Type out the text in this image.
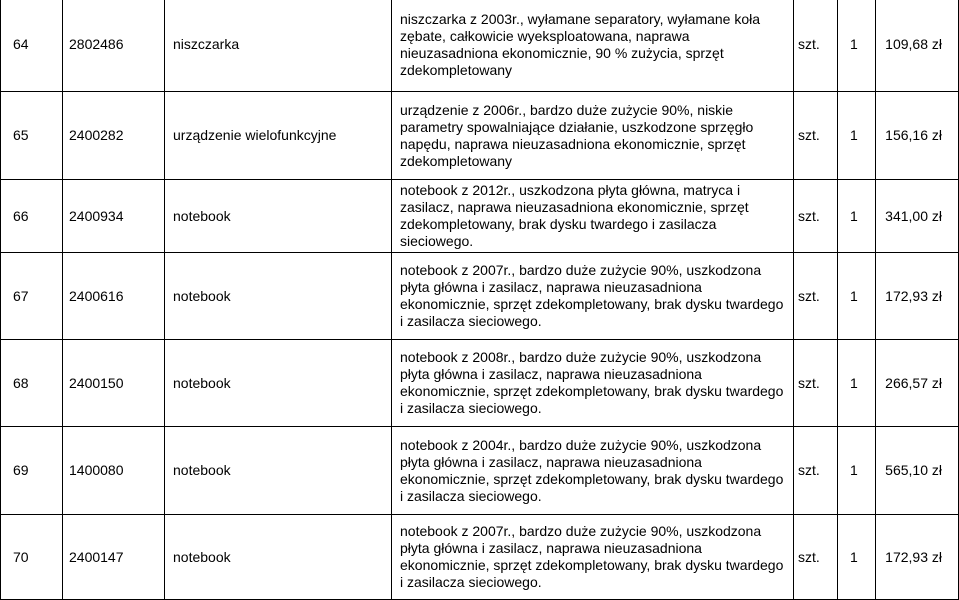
64	2802486	niszczarka	niszczarka z 2003r., wyłamane separatory, wyłamane koła zębate, całkowicie wyeksploatowana, naprawa nieuzasadniona ekonomicznie, 90 % zużycia, sprzęt zdekompletowany	szt.	1	109,68 zł
65	2400282	urządzenie wielofunkcyjne	urządzenie z 2006r., bardzo duże zużycie 90%, niskie parametry spowalniające działanie, uszkodzone sprzęgło napędu, naprawa nieuzasadniona ekonomicznie, sprzęt zdekompletowany	szt.	1	156,16 zł
66	2400934	notebook	notebook z 2012r., uszkodzona płyta główna, matryca i zasilacz, naprawa nieuzasadniona ekonomicznie, sprzęt zdekompletowany, brak dysku twardego i zasilacza sieciowego.	szt.	1	341,00 zł
67	2400616	notebook	notebook z 2007r., bardzo duże zużycie 90%, uszkodzona płyta główna i zasilacz, naprawa nieuzasadniona ekonomicznie, sprzęt zdekompletowany, brak dysku twardego i zasilacza sieciowego.	szt.	1	172,93 zł
68	2400150	notebook	notebook z 2008r., bardzo duże zużycie 90%, uszkodzona płyta główna i zasilacz, naprawa nieuzasadniona ekonomicznie, sprzęt zdekompletowany, brak dysku twardego i zasilacza sieciowego.	szt.	1	266,57 zł
69	1400080	notebook	notebook z 2004r., bardzo duże zużycie 90%, uszkodzona płyta główna i zasilacz, naprawa nieuzasadniona ekonomicznie, sprzęt zdekompletowany, brak dysku twardego i zasilacza sieciowego.	szt.	1	565,10 zł
70	2400147	notebook	notebook z 2007r., bardzo duże zużycie 90%, uszkodzona płyta główna i zasilacz, naprawa nieuzasadniona ekonomicznie, sprzęt zdekompletowany, brak dysku twardego i zasilacza sieciowego.	szt.	1	172,93 zł
